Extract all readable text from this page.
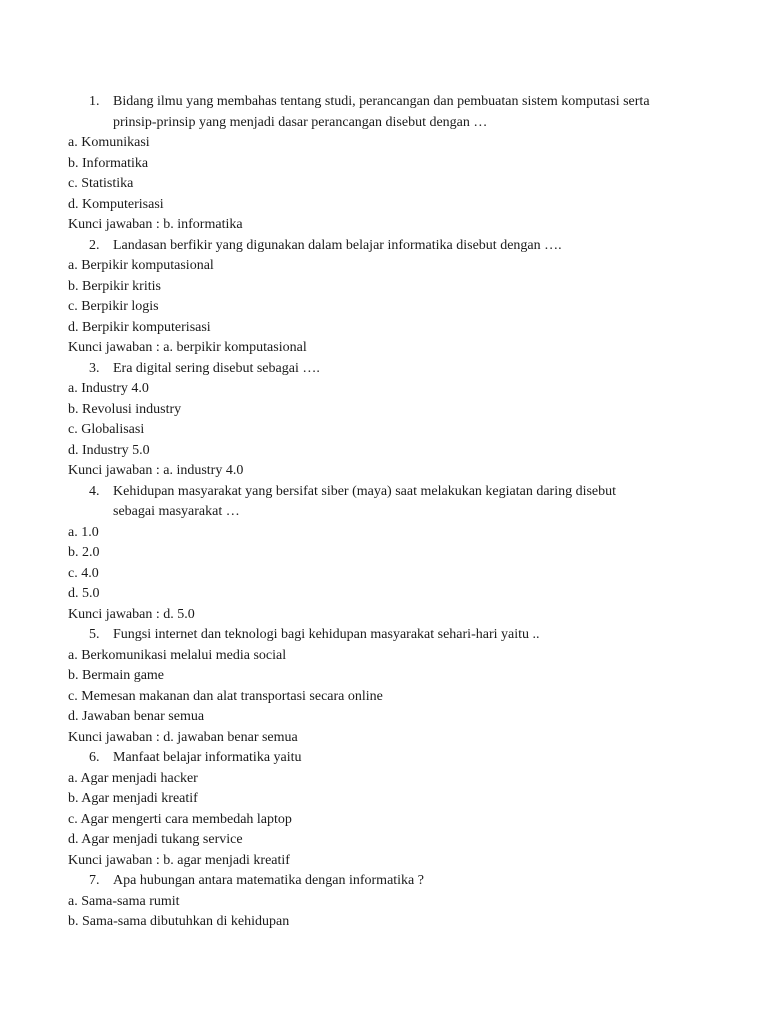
1. Bidang ilmu yang membahas tentang studi, perancangan dan pembuatan sistem komputasi serta
prinsip-prinsip yang menjadi dasar perancangan disebut dengan …
a. Komunikasi
b. Informatika
c. Statistika
d. Komputerisasi
Kunci jawaban : b. informatika
2. Landasan berfikir yang digunakan dalam belajar informatika disebut dengan ….
a. Berpikir komputasional
b. Berpikir kritis
c. Berpikir logis
d. Berpikir komputerisasi
Kunci jawaban : a. berpikir komputasional
3. Era digital sering disebut sebagai ….
a. Industry 4.0
b. Revolusi industry
c. Globalisasi
d. Industry 5.0
Kunci jawaban : a. industry 4.0
4. Kehidupan masyarakat yang bersifat siber (maya) saat melakukan kegiatan daring disebut
sebagai masyarakat …
a. 1.0
b. 2.0
c. 4.0
d. 5.0
Kunci jawaban : d. 5.0
5. Fungsi internet dan teknologi bagi kehidupan masyarakat sehari-hari yaitu ..
a. Berkomunikasi melalui media social
b. Bermain game
c. Memesan makanan dan alat transportasi secara online
d. Jawaban benar semua
Kunci jawaban : d. jawaban benar semua
6. Manfaat belajar informatika yaitu
a. Agar menjadi hacker
b. Agar menjadi kreatif
c. Agar mengerti cara membedah laptop
d. Agar menjadi tukang service
Kunci jawaban : b. agar menjadi kreatif
7. Apa hubungan antara matematika dengan informatika ?
a. Sama-sama rumit
b. Sama-sama dibutuhkan di kehidupan
